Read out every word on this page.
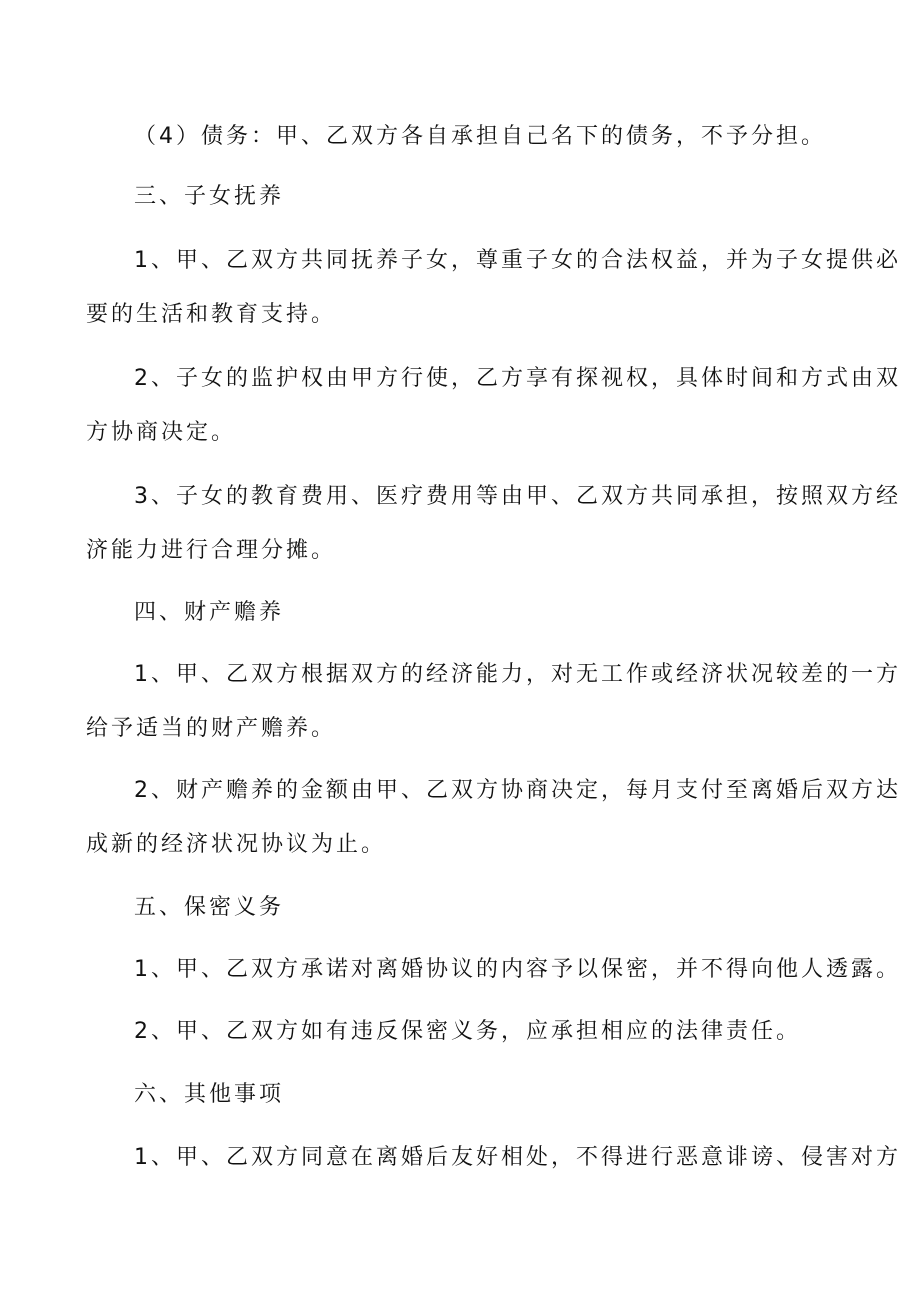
（4）债务：甲、乙双方各自承担自己名下的债务，不予分担。
三、子女抚养
1、甲、乙双方共同抚养子女，尊重子女的合法权益，并为子女提供必
要的生活和教育支持。
2、子女的监护权由甲方行使，乙方享有探视权，具体时间和方式由双
方协商决定。
3、子女的教育费用、医疗费用等由甲、乙双方共同承担，按照双方经
济能力进行合理分摊。
四、财产赡养
1、甲、乙双方根据双方的经济能力，对无工作或经济状况较差的一方
给予适当的财产赡养。
2、财产赡养的金额由甲、乙双方协商决定，每月支付至离婚后双方达
成新的经济状况协议为止。
五、保密义务
1、甲、乙双方承诺对离婚协议的内容予以保密，并不得向他人透露。
2、甲、乙双方如有违反保密义务，应承担相应的法律责任。
六、其他事项
1、甲、乙双方同意在离婚后友好相处，不得进行恶意诽谤、侵害对方
